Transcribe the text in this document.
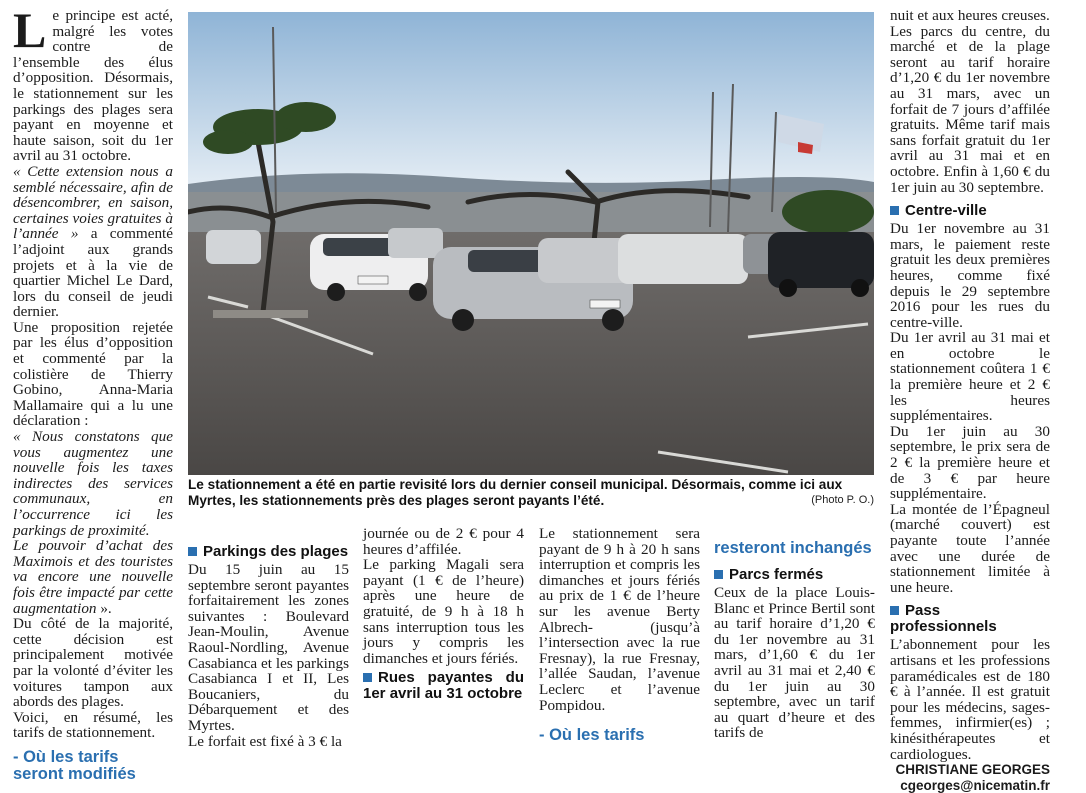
L e principe est acté, malgré les votes contre de l’ensemble des élus d’opposition. Désormais, le stationnement sur les parkings des plages sera payant en moyenne et haute saison, soit du 1er avril au 31 octobre.

« Cette extension nous a semblé nécessaire, afin de désencombrer, en saison, certaines voies gratuites à l’année » a commenté l’adjoint aux grands projets et à la vie de quartier Michel Le Dard, lors du conseil de jeudi dernier.

Une proposition rejetée par les élus d’opposition et commenté par la colistière de Thierry Gobino, Anna-Maria Mallamaire qui a lu une déclaration :

« Nous constatons que vous augmentez une nouvelle fois les taxes indirectes des services communaux, en l’occurrence ici les parkings de proximité.

Le pouvoir d’achat des Maximois et des touristes va encore une nouvelle fois être impacté par cette augmentation ».

Du côté de la majorité, cette décision est principalement motivée par la volonté d’éviter les voitures tampon aux abords des plages.

Voici, en résumé, les tarifs de stationnement.

- Où les tarifs seront modifiés
Le stationnement a été en partie revisité lors du dernier conseil municipal. Désormais, comme ici aux Myrtes, les stationnements près des plages seront payants l’été.	(Photo P. O.)
Parkings des plages

Du 15 juin au 15 septembre seront payantes forfaitairement les zones suivantes : Boulevard Jean-Moulin, Avenue Raoul-Nordling, Avenue Casabianca et les parkings Casabianca I et II, Les Boucaniers, du Débarquement et des Myrtes.

Le forfait est fixé à 3 € la

journée ou de 2 € pour 4 heures d’affilée.

Le parking Magali sera payant (1 € de l’heure) après une heure de gratuité, de 9 h à 18 h sans interruption tous les jours y compris les dimanches et jours fériés.

Rues payantes du 1er avril au 31 octobre

Le stationnement sera payant de 9 h à 20 h sans interruption et compris les dimanches et jours fériés au prix de 1 € de l’heure sur les avenue Berty Albrech- (jusqu’à l’intersection avec la rue Fresnay), la rue Fresnay, l’allée Saudan, l’avenue Leclerc et l’avenue Pompidou.

- Où les tarifs
resteront inchangés
Parcs fermés

Ceux de la place Louis-Blanc et Prince Bertil sont au tarif horaire d’1,20 € du 1er novembre au 31 mars, d’1,60 € du 1er avril au 31 mai et 2,40 € du 1er juin au 30 septembre, avec un tarif au quart d’heure et des tarifs de

nuit et aux heures creuses.

Les parcs du centre, du marché et de la plage seront au tarif horaire d’1,20 € du 1er novembre au 31 mars, avec un forfait de 7 jours d’affilée gratuits. Même tarif mais sans forfait gratuit du 1er avril au 31 mai et en octobre. Enfin à 1,60 € du 1er juin au 30 septembre.

Centre-ville

Du 1er novembre au 31 mars, le paiement reste gratuit les deux premières heures, comme fixé depuis le 29 septembre 2016 pour les rues du centre-ville.

Du 1er avril au 31 mai et en octobre le stationnement coûtera 1 € la première heure et 2 € les heures supplémentaires.

Du 1er juin au 30 septembre, le prix sera de 2 € la première heure et de 3 € par heure supplémentaire.

La montée de l’Épagneul (marché couvert) est payante toute l’année avec une durée de stationnement limitée à une heure.

Pass professionnels

L’abonnement pour les artisans et les professions paramédicales est de 180 € à l’année. Il est gratuit pour les médecins, sages-femmes, infirmier(es) ; kinésithérapeutes et cardiologues.

CHRISTIANE GEORGES
cgeorges@nicematin.fr
